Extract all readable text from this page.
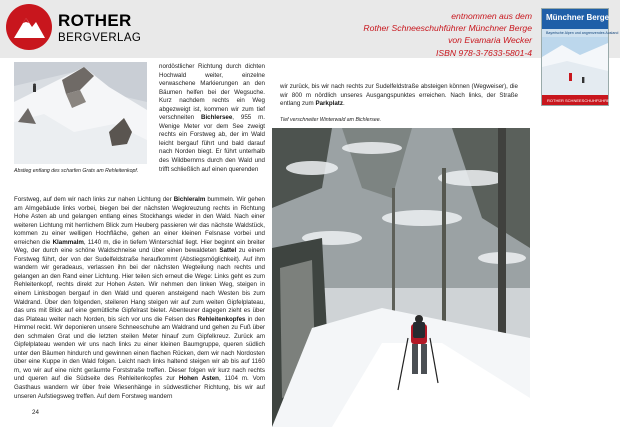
ROTHER
BERGVERLAG
entnommen aus dem
Rother Schneeschuhführer Münchner Berge
von Evamaria Wecker
ISBN 978-3-7633-5801-4
Münchner Berge
Bayerische Alpen und angrenzendes Ausland
ROTHER SCHNEESCHUHFÜHRER
Abstieg entlang des scharfen Grats am Rehleitenkopf.
nordöstlicher Richtung durch dichten Hochwald weiter, einzelne verwaschene Markierungen an den Bäumen helfen bei der Wegsuche. Kurz nachdem rechts ein Weg abgezweigt ist, kommen wir zum tief verschneiten Bichlersee, 955 m. Wenige Meter vor dem See zweigt rechts ein Forstweg ab, der im Wald leicht bergauf führt und bald darauf nach Norden biegt. Er führt unterhalb des Wildbernrns durch den Wald und trifft schließlich auf einen querenden
Forstweg, auf dem wir nach links zur nahen Lichtung der Bichleralm bummeln. Wir gehen am Almgebäude links vorbei, biegen bei der nächsten Wegkreuzung rechts in Richtung Hohe Asten ab und gelangen entlang eines Stockhangs wieder in den Wald. Nach einer weiteren Lichtung mit herrlichem Blick zum Heuberg passieren wir das nächste Waldstück, kommen zu einer welligen Hochfläche, gehen an einer kleinen Felsnase vorbei und erreichen die Klammalm, 1140 m, die in tiefem Winterschlaf liegt. Hier beginnt ein breiter Weg, der durch eine schöne Waldschneise und über einen bewaldeten Sattel zu einem Forstweg führt, der von der Sudelfeldstraße heraufkommt (Abstiegsmöglichkeit). Auf ihm wandern wir geradeaus, verlassen ihn bei der nächsten Wegteilung nach rechts und gelangen an den Rand einer Lichtung. Hier teilen sich erneut die Wege: Links geht es zum Rehleitenkopf, rechts direkt zur Hohen Asten. Wir nehmen den linken Weg, steigen in einem Linksbogen bergauf in den Wald und queren ansteigend nach Westen bis zum Waldrand. Über den folgenden, steileren Hang steigen wir auf zum weiten Gipfelplateau, das uns mit Blick auf eine gemütliche Gipfelrast bietet. Abenteurer dagegen zieht es über das Plateau weiter nach Norden, bis sich vor uns die Felsen des Rehleitenkopfes in den Himmel reckt. Wir deponieren unsere Schneeschuhe am Waldrand und gehen zu Fuß über den schmalen Grat und die letzten steilen Meter hinauf zum Gipfelkreuz. Zurück am Gipfelplateau wenden wir uns nach links zu einer kleinen Baumgruppe, queren südlich unter den Bäumen hindurch und gewinnen einen flachen Rücken, dem wir nach Nordosten über eine Kuppe in den Wald folgen. Leicht nach links haltend steigen wir ab bis auf 1160 m, wo wir auf eine nicht geräumte Forststraße treffen. Dieser folgen wir kurz nach rechts und queren auf die Südseite des Rehleitenkopfes zur Hohen Asten, 1104 m. Vom Gasthaus wandern wir über freie Wiesenhänge in südwestlicher Richtung, bis wir auf unseren Aufstiegsweg treffen. Auf dem Forstweg wandern
wir zurück, bis wir nach rechts zur Sudelfeldstraße absteigen können (Wegweiser), die wir 800 m nördlich unseres Ausgangspunktes erreichen. Nach links, der Straße entlang zum Parkplatz.
Tief verschneiter Winterwald am Bichlersee.
24
